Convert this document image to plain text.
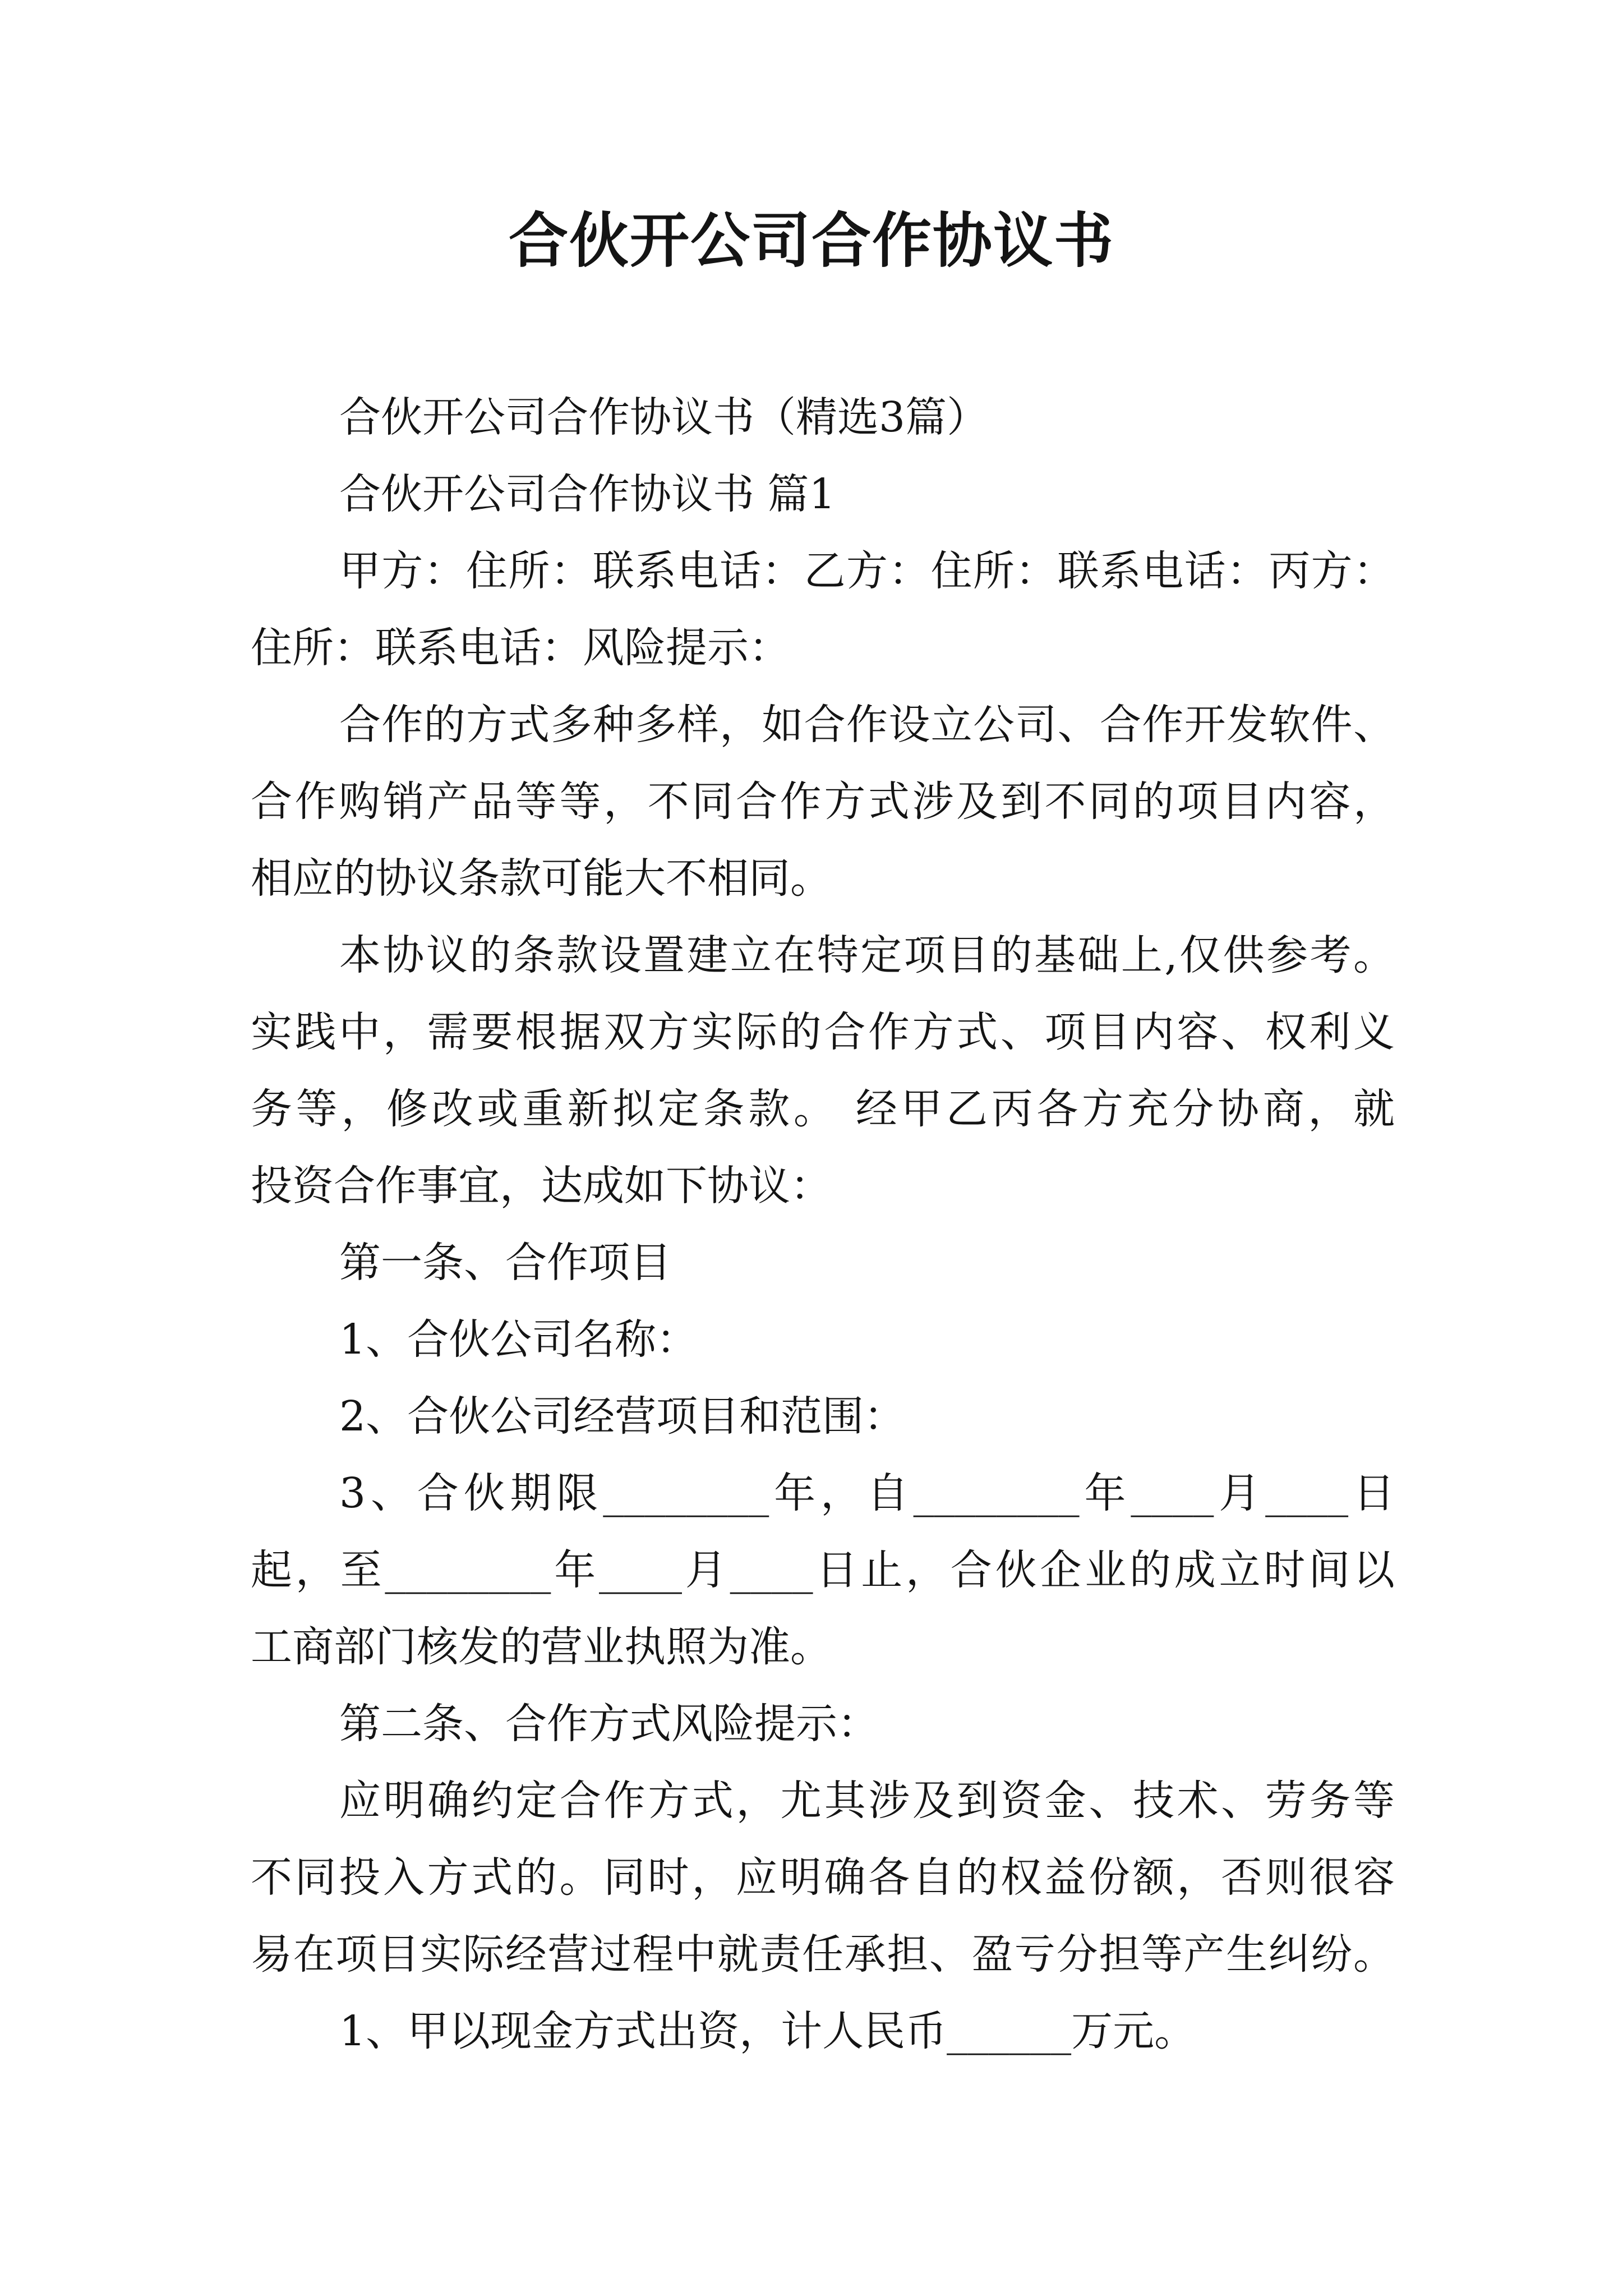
合伙开公司合作协议书
合伙开公司合作协议书（精选3篇）
合伙开公司合作协议书 篇1
甲方：住所：联系电话：乙方：住所：联系电话：丙方：
住所：联系电话：风险提示：
合作的方式多种多样，如合作设立公司、合作开发软件、
合作购销产品等等，不同合作方式涉及到不同的项目内容，
相应的协议条款可能大不相同。
本协议的条款设置建立在特定项目的基础上,仅供参考。
实践中，需要根据双方实际的合作方式、项目内容、权利义
务等，修改或重新拟定条款。 经甲乙丙各方充分协商，就
投资合作事宜，达成如下协议：
第一条、合作项目
1、合伙公司名称：
2、合伙公司经营项目和范围：
3、合伙期限________年，自________年____月____日
起，至________年____月____日止，合伙企业的成立时间以
工商部门核发的营业执照为准。
第二条、合作方式风险提示：
应明确约定合作方式，尤其涉及到资金、技术、劳务等
不同投入方式的。同时，应明确各自的权益份额，否则很容
易在项目实际经营过程中就责任承担、盈亏分担等产生纠纷。
1、甲以现金方式出资，计人民币______万元。
